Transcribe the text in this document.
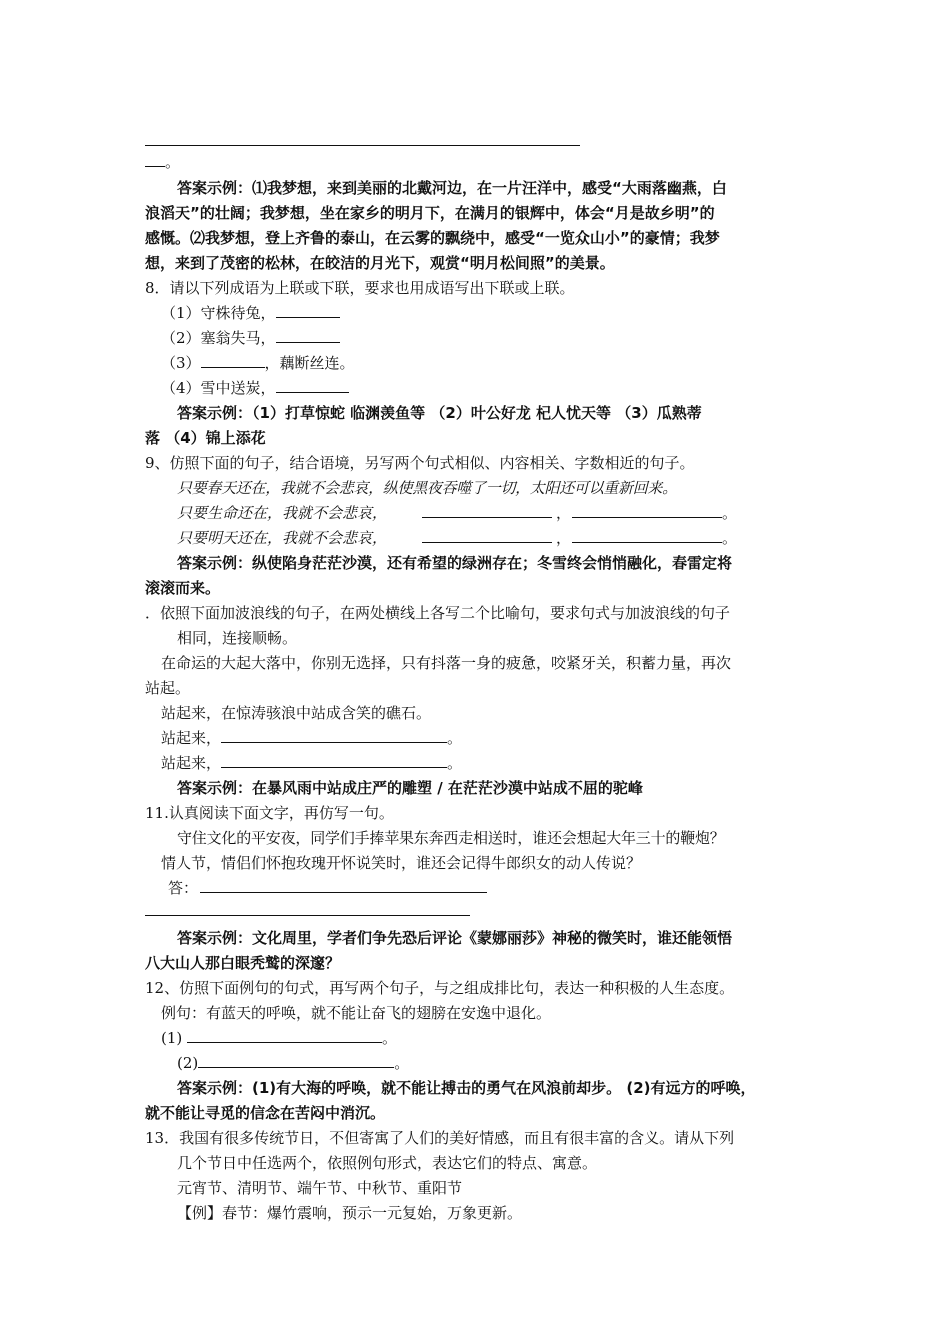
。
答案示例：⑴我梦想，来到美丽的北戴河边，在一片汪洋中，感受“大雨落幽燕，白
浪滔天”的壮阔；我梦想，坐在家乡的明月下，在满月的银辉中，体会“月是故乡明”的
感慨。⑵我梦想，登上齐鲁的泰山，在云雾的飘绕中，感受“一览众山小”的豪情；我梦
想，来到了茂密的松林，在皎洁的月光下，观赏“明月松间照”的美景。
8．请以下列成语为上联或下联，要求也用成语写出下联或上联。
（1）守株待兔，
（2）塞翁失马，
（3）	，藕断丝连。
（4）雪中送炭，
答案示例：（1）打草惊蛇 临渊羡鱼等 （2）叶公好龙 杞人忧天等 （3）瓜熟蒂
落 （4）锦上添花
9、仿照下面的句子，结合语境，另写两个句式相似、内容相关、字数相近的句子。
只要春天还在，我就不会悲哀，纵使黑夜吞噬了一切，太阳还可以重新回来。
只要生命还在，我就不会悲哀，	，	。
只要明天还在，我就不会悲哀，	，	。
答案示例：纵使陷身茫茫沙漠，还有希望的绿洲存在；冬雪终会悄悄融化，春雷定将
滚滚而来。
．依照下面加波浪线的句子，在两处横线上各写二个比喻句，要求句式与加波浪线的句子
相同，连接顺畅。
在命运的大起大落中，你别无选择，只有抖落一身的疲惫，咬紧牙关，积蓄力量，再次
站起。
站起来，在惊涛骇浪中站成含笑的礁石。
站起来，	。
站起来，	。
答案示例：在暴风雨中站成庄严的雕塑 / 在茫茫沙漠中站成不屈的驼峰
11.认真阅读下面文字，再仿写一句。
守住文化的平安夜，同学们手捧苹果东奔西走相送时，谁还会想起大年三十的鞭炮？
情人节，情侣们怀抱玫瑰开怀说笑时，谁还会记得牛郎织女的动人传说？
答：
答案示例：文化周里，学者们争先恐后评论《蒙娜丽莎》神秘的微笑时，谁还能领悟
八大山人那白眼秃鹫的深邃？
12、仿照下面例句的句式，再写两个句子，与之组成排比句，表达一种积极的人生态度。
例句：有蓝天的呼唤，就不能让奋飞的翅膀在安逸中退化。
(1)	。
(2)	。
答案示例：(1)有大海的呼唤，就不能让搏击的勇气在风浪前却步。 (2)有远方的呼唤，
就不能让寻觅的信念在苦闷中消沉。
13．我国有很多传统节日，不但寄寓了人们的美好情感，而且有很丰富的含义。请从下列
几个节日中任选两个，依照例句形式，表达它们的特点、寓意。
元宵节、清明节、端午节、中秋节、重阳节
【例】春节：爆竹震响，预示一元复始，万象更新。
